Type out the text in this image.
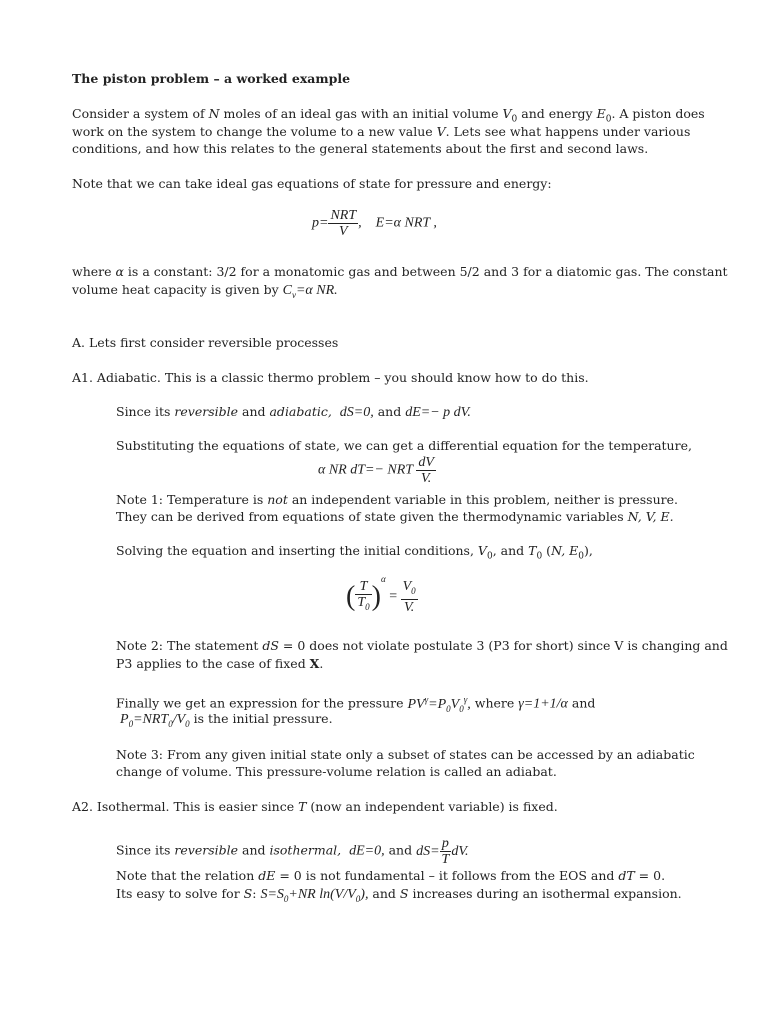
The piston problem – a worked example
Consider a system of N moles of an ideal gas with an initial volume $V_0$ and energy $E_0$. A piston does
work on the system to change the volume to a new value V. Lets see what happens under various
conditions, and how this relates to the general statements about the first and second laws.
Note that we can take ideal gas equations of state for pressure and energy:
$p= \frac{\text{NRT}}{V}$ , E=α NRT ,
where α is a constant: 3/2 for a monatomic gas and between 5/2 and 3 for a diatomic gas. The constant
volume heat capacity is given by $C_v=\alpha$ NR.
A. Lets first consider reversible processes
A1. Adiabatic. This is a classic thermo problem – you should know how to do this.
Since its reversible and adiabatic, dS=0, and dE=− p dV.
Substituting the equations of state, we can get a differential equation for the temperature,
α NR dT=− NRT $\frac{dV}{V.}$
Note 1: Temperature is not an independent variable in this problem, neither is pressure.
They can be derived from equations of state given the thermodynamic variables N, V, E.
Solving the equation and inserting the initial conditions, $V_0$, and $T_0$ (N, $E_0$),
( $\frac{T}{T_0} )^\alpha = \frac{V_0}{V.}$
Note 2: The statement dS = 0 does not violate postulate 3 (P3 for short) since V is changing and
P3 applies to the case of fixed X.
Finally we get an expression for the pressure $PV^\gamma=P_0V_0^\gamma$, where γ=1+1/α and
$P_0=NRT_0/V_0$ is the initial pressure.
Note 3: From any given initial state only a subset of states can be accessed by an adiabatic
change of volume. This pressure-volume relation is called an adiabat.
A2. Isothermal. This is easier since T (now an independent variable) is fixed.
Since its reversible and isothermal, dE=0, and $dS= \frac{p}{T}$ dV.
Note that the relation dE = 0 is not fundamental – it follows from the EOS and dT = 0.
Its easy to solve for S: $S=S_0+NR$ $\ln(V/V_0)$, and S increases during an isothermal expansion.
